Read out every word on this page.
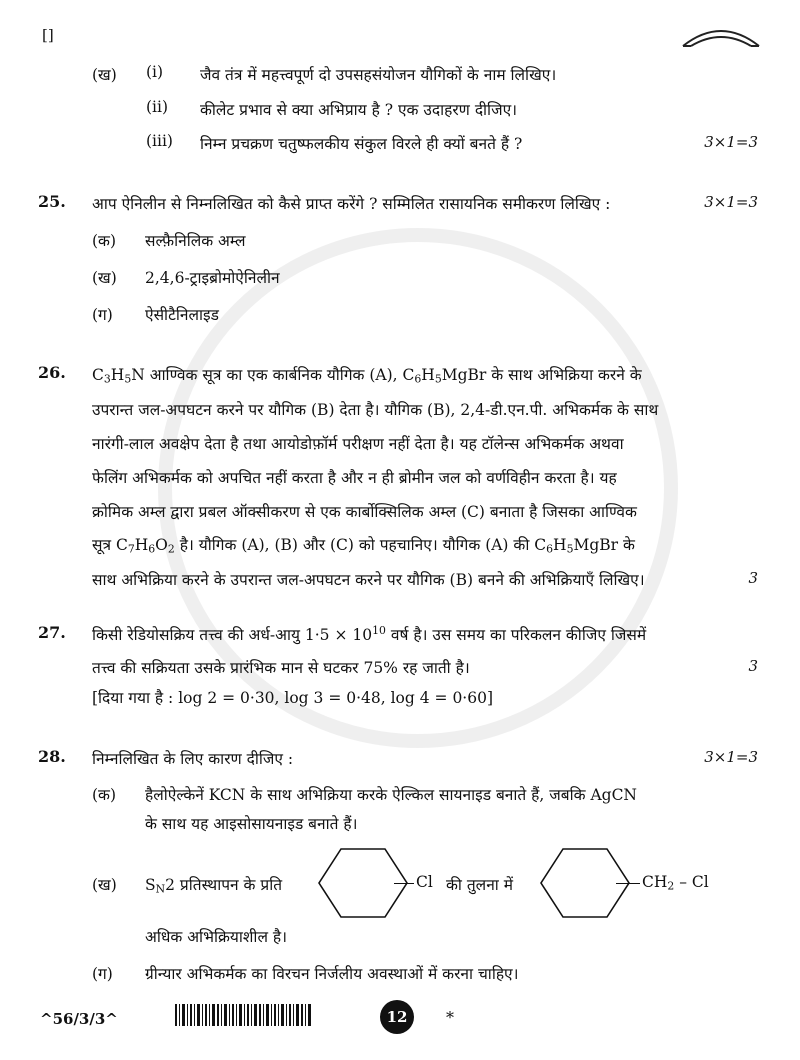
[]
(ख) (i) जैव तंत्र में महत्त्वपूर्ण दो उपसहसंयोजन यौगिकों के नाम लिखिए।
(ii) कीलेट प्रभाव से क्या अभिप्राय है ? एक उदाहरण दीजिए।
(iii) निम्न प्रचक्रण चतुष्फलकीय संकुल विरले ही क्यों बनते हैं ?	3×1=3
25. आप ऐनिलीन से निम्नलिखित को कैसे प्राप्त करेंगे ? सम्मिलित रासायनिक समीकरण लिखिए :	3×1=3
(क) सल्फ़ैनिलिक अम्ल
(ख) 2,4,6-ट्राइब्रोमोऐनिलीन
(ग) ऐसीटैनिलाइड
26. $C_3H_5N$ आण्विक सूत्र का एक कार्बनिक यौगिक (A), $C_6H_5MgBr$ के साथ अभिक्रिया करने के
उपरान्त जल-अपघटन करने पर यौगिक (B) देता है। यौगिक (B), 2,4-डी.एन.पी. अभिकर्मक के साथ
नारंगी-लाल अवक्षेप देता है तथा आयोडोफ़ॉर्म परीक्षण नहीं देता है। यह टॉलेन्स अभिकर्मक अथवा
फेलिंग अभिकर्मक को अपचित नहीं करता है और न ही ब्रोमीन जल को वर्णविहीन करता है। यह
क्रोमिक अम्ल द्वारा प्रबल ऑक्सीकरण से एक कार्बोक्सिलिक अम्ल (C) बनाता है जिसका आण्विक
सूत्र $C_7H_6O_2$ है। यौगिक (A), (B) और (C) को पहचानिए। यौगिक (A) की $C_6H_5MgBr$ के
साथ अभिक्रिया करने के उपरान्त जल-अपघटन करने पर यौगिक (B) बनने की अभिक्रियाएँ लिखिए।	3
27. किसी रेडियोसक्रिय तत्त्व की अर्ध-आयु $1\cdot 5 \times 10^{10}$ वर्ष है। उस समय का परिकलन कीजिए जिसमें
तत्त्व की सक्रियता उसके प्रारंभिक मान से घटकर 75% रह जाती है।	3
[दिया गया है : log 2 = 0·30, log 3 = 0·48, log 4 = 0·60]
28. निम्नलिखित के लिए कारण दीजिए :	3×1=3
(क) हैलोऐल्केनें KCN के साथ अभिक्रिया करके ऐल्किल सायनाइड बनाते हैं, जबकि AgCN
के साथ यह आइसोसायनाइड बनाते हैं।
(ख) $S_N2$ प्रतिस्थापन के प्रति	Cl की तुलना में	$CH_2$ – Cl
अधिक अभिक्रियाशील है।
(ग) ग्रीन्यार अभिकर्मक का विरचन निर्जलीय अवस्थाओं में करना चाहिए।
^56/3/3^	12	*
